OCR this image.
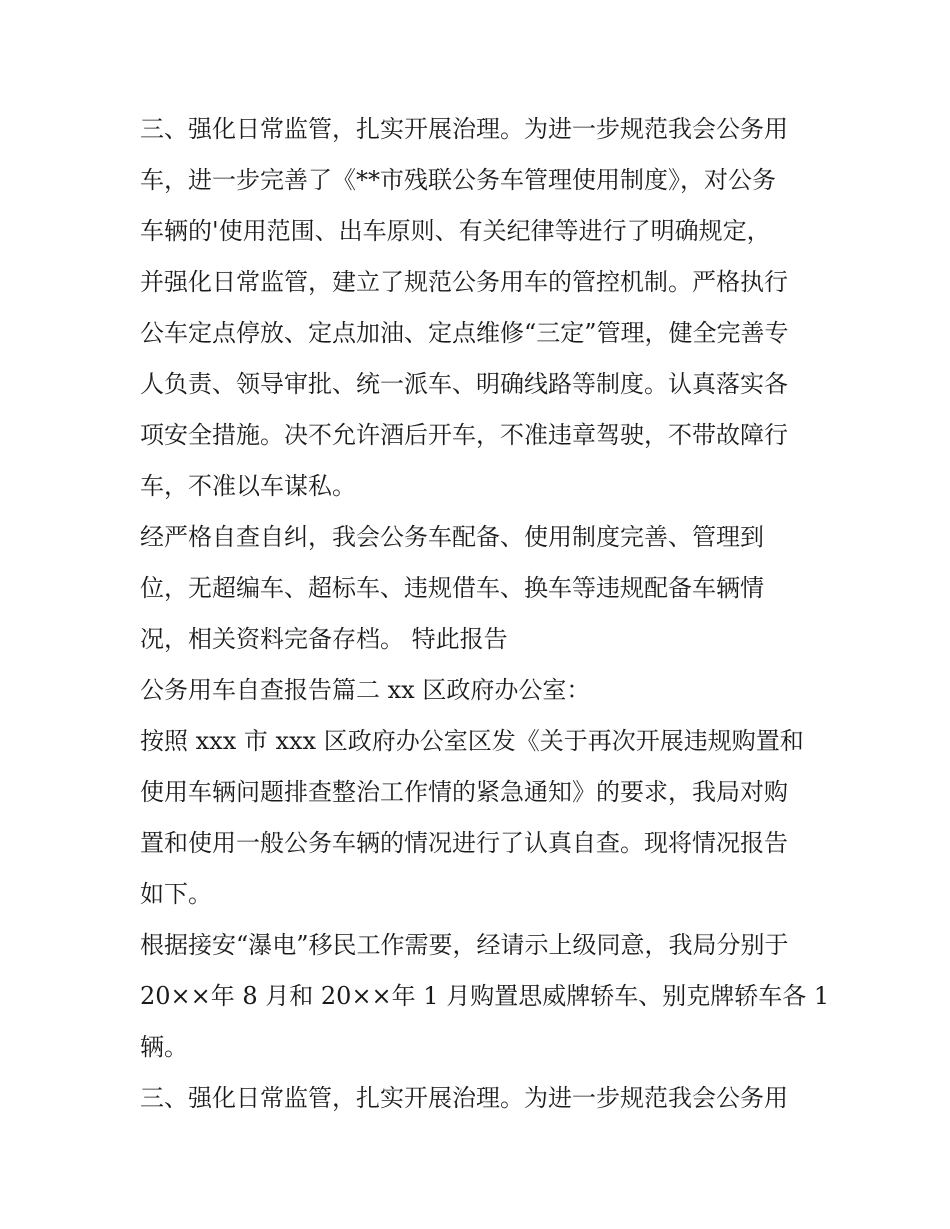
三、强化日常监管，扎实开展治理。为进一步规范我会公务用
车，进一步完善了《**市残联公务车管理使用制度》，对公务
车辆的'使用范围、出车原则、有关纪律等进行了明确规定，
并强化日常监管，建立了规范公务用车的管控机制。严格执行
公车定点停放、定点加油、定点维修“三定”管理，健全完善专
人负责、领导审批、统一派车、明确线路等制度。认真落实各
项安全措施。决不允许酒后开车，不准违章驾驶，不带故障行
车，不准以车谋私。
经严格自查自纠，我会公务车配备、使用制度完善、管理到
位，无超编车、超标车、违规借车、换车等违规配备车辆情
况，相关资料完备存档。 特此报告
公务用车自查报告篇二 xx 区政府办公室：
按照 xxx 市 xxx 区政府办公室区发《关于再次开展违规购置和
使用车辆问题排查整治工作情的紧急通知》的要求，我局对购
置和使用一般公务车辆的情况进行了认真自查。现将情况报告
如下。
根据接安“瀑电”移民工作需要，经请示上级同意，我局分别于
20××年 8 月和 20××年 1 月购置思威牌轿车、别克牌轿车各 1
辆。
三、强化日常监管，扎实开展治理。为进一步规范我会公务用
